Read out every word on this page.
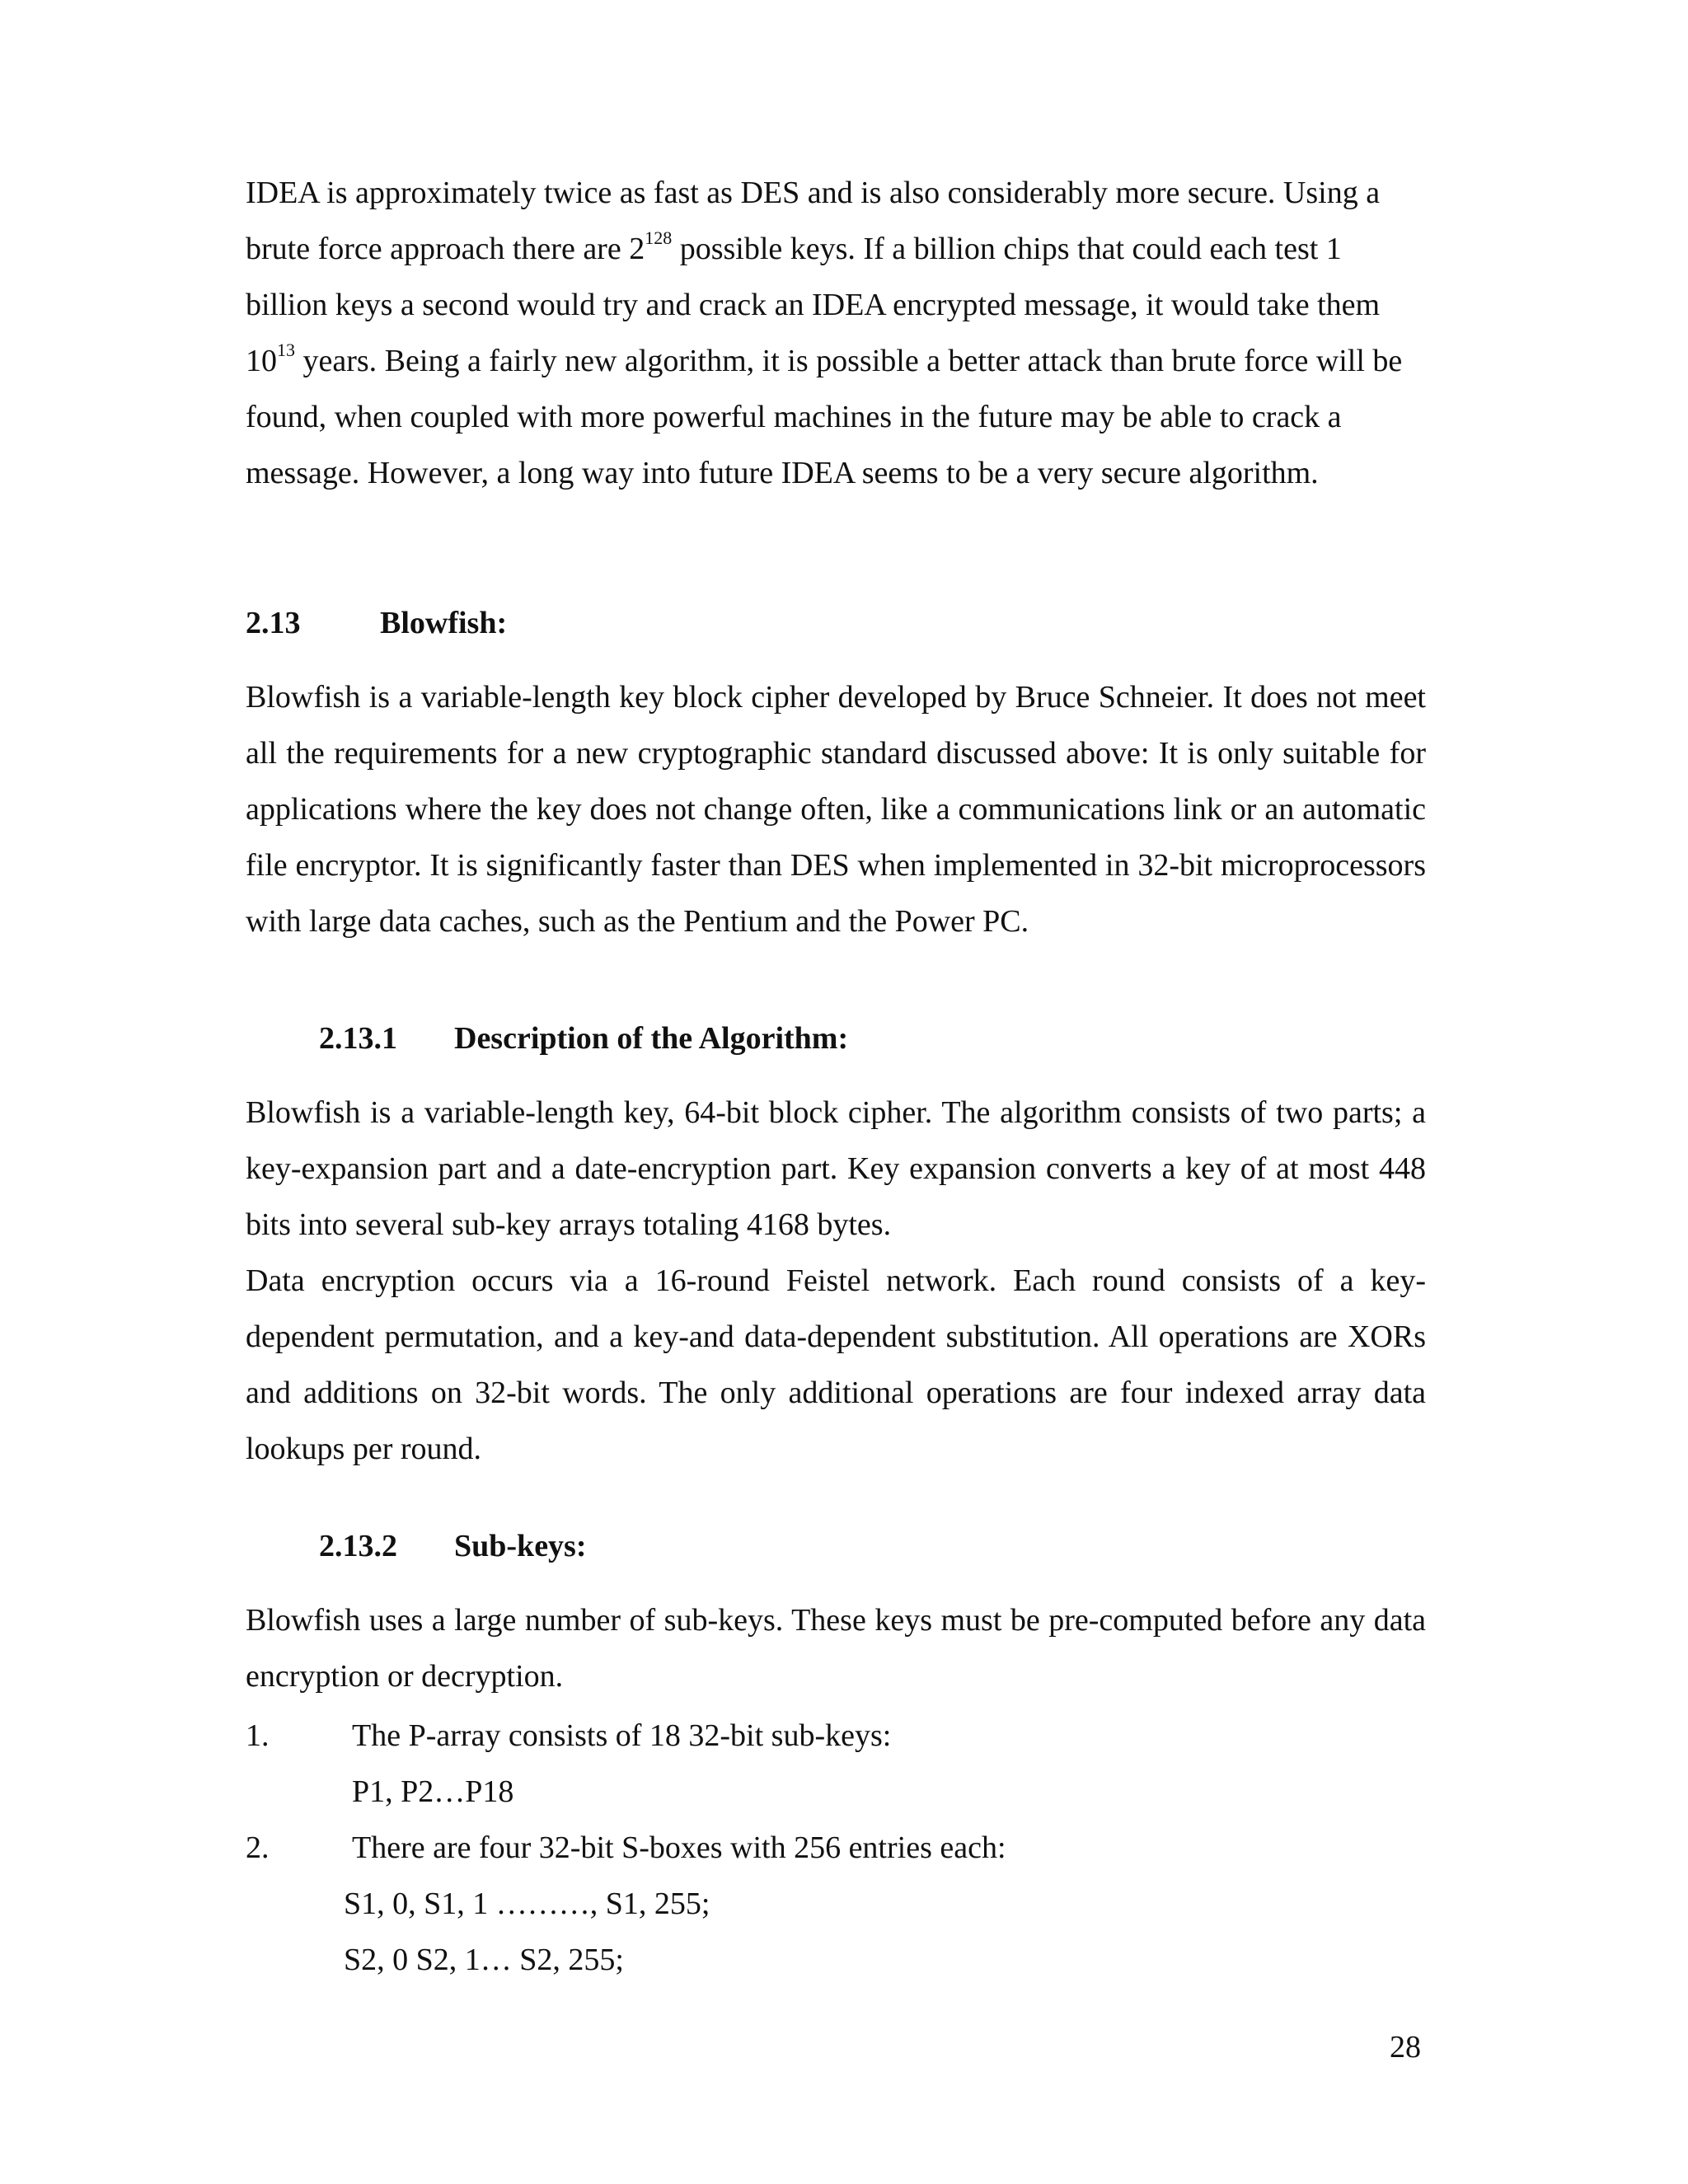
IDEA is approximately twice as fast as DES and is also considerably more secure. Using a brute force approach there are $2^{128}$ possible keys. If a billion chips that could each test 1 billion keys a second would try and crack an IDEA encrypted message, it would take them $10^{13}$ years. Being a fairly new algorithm, it is possible a better attack than brute force will be found, when coupled with more powerful machines in the future may be able to crack a message. However, a long way into future IDEA seems to be a very secure algorithm.

2.13	Blowfish:

Blowfish is a variable-length key block cipher developed by Bruce Schneier. It does not meet all the requirements for a new cryptographic standard discussed above: It is only suitable for applications where the key does not change often, like a communications link or an automatic file encryptor. It is significantly faster than DES when implemented in 32-bit microprocessors with large data caches, such as the Pentium and the Power PC.

2.13.1 Description of the Algorithm:

Blowfish is a variable-length key, 64-bit block cipher. The algorithm consists of two parts; a key-expansion part and a date-encryption part. Key expansion converts a key of at most 448 bits into several sub-key arrays totaling 4168 bytes.

Data encryption occurs via a 16-round Feistel network. Each round consists of a key-dependent permutation, and a key-and data-dependent substitution. All operations are XORs and additions on 32-bit words. The only additional operations are four indexed array data lookups per round.

2.13.2 Sub-keys:

Blowfish uses a large number of sub-keys. These keys must be pre-computed before any data encryption or decryption.

1.	The P-array consists of 18 32-bit sub-keys:
P1, P2…P18
2.	There are four 32-bit S-boxes with 256 entries each:
S1, 0, S1, 1 ………, S1, 255;
S2, 0 S2, 1… S2, 255;
28
